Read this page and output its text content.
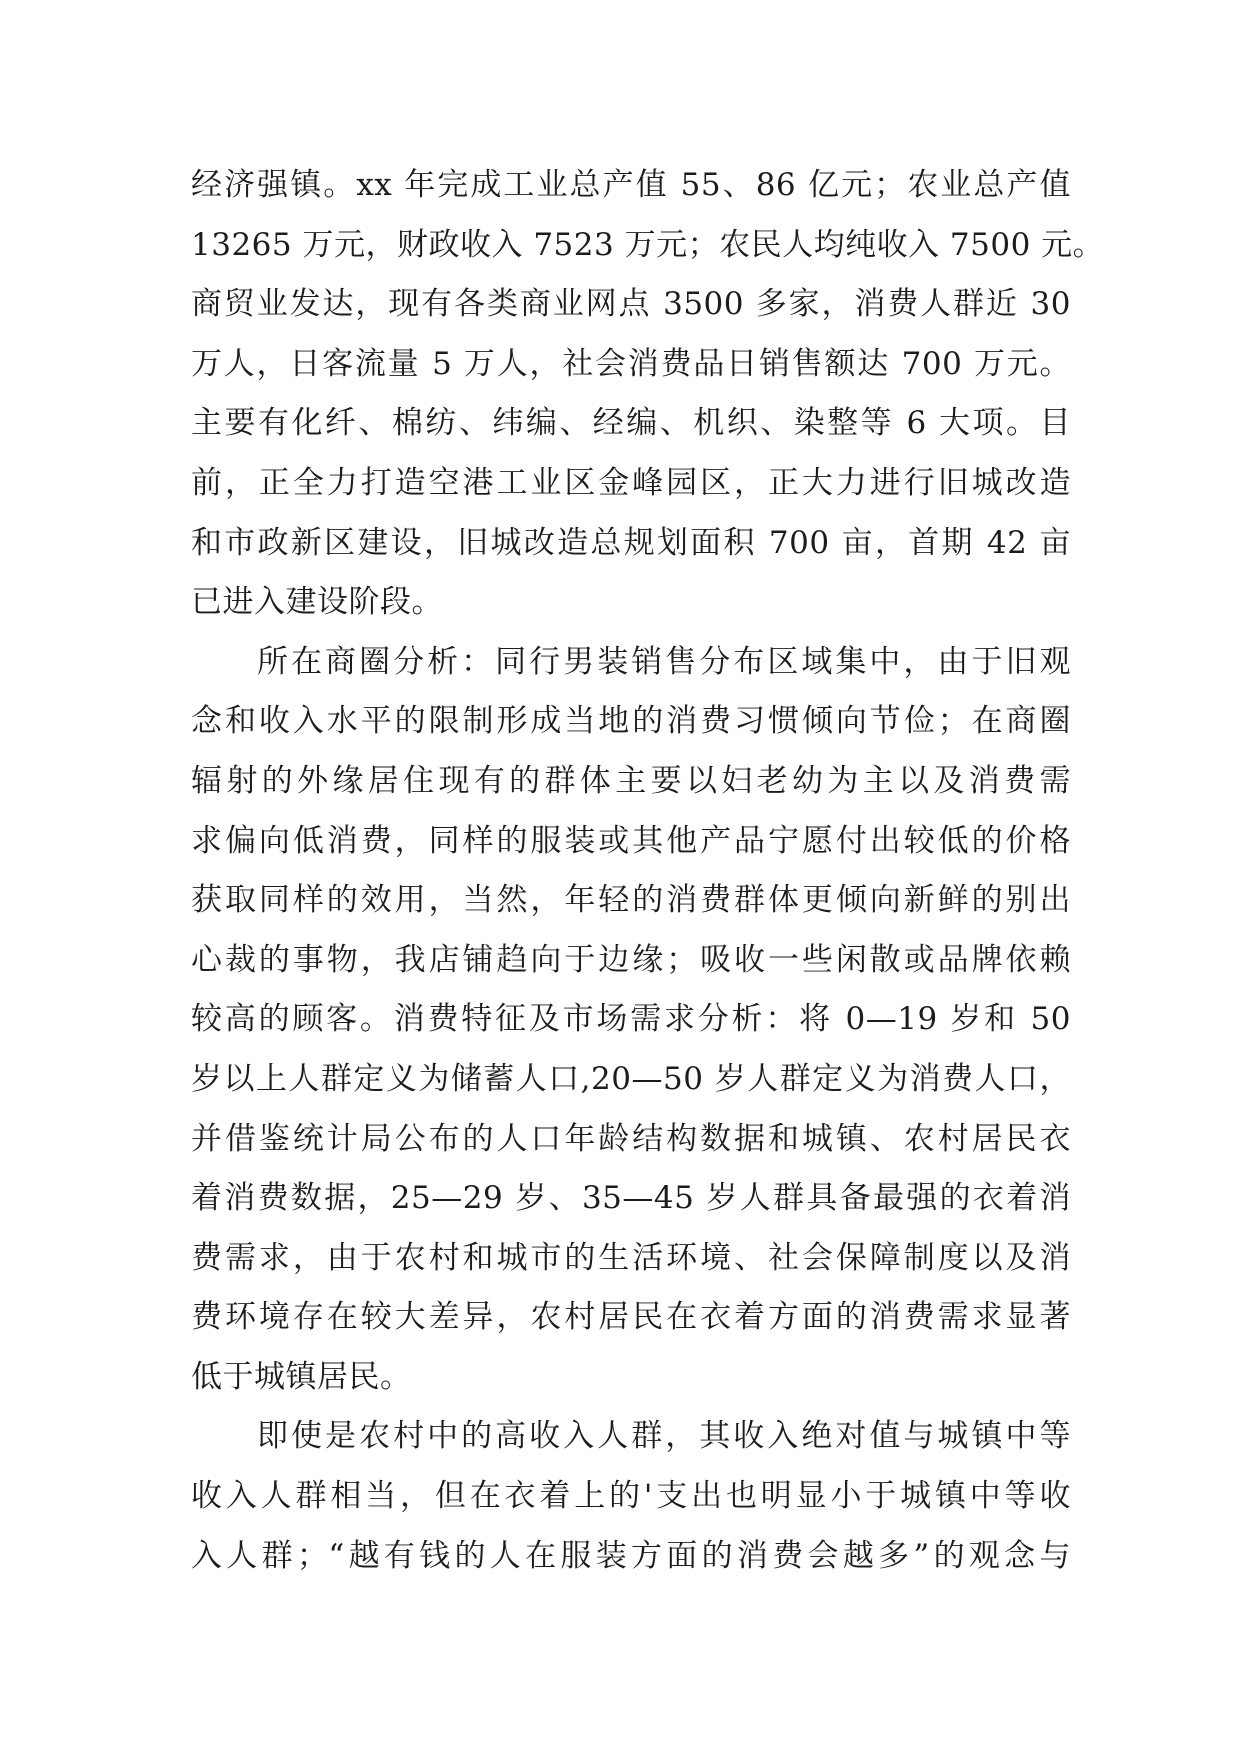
经济强镇。xx 年完成工业总产值 55、86 亿元；农业总产值
13265 万元，财政收入 7523 万元；农民人均纯收入 7500 元。
商贸业发达，现有各类商业网点 3500 多家，消费人群近 30
万人，日客流量 5 万人，社会消费品日销售额达 700 万元。
主要有化纤、棉纺、纬编、经编、机织、染整等 6 大项。目
前，正全力打造空港工业区金峰园区，正大力进行旧城改造
和市政新区建设，旧城改造总规划面积 700 亩，首期 42 亩
已进入建设阶段。
所在商圈分析：同行男装销售分布区域集中，由于旧观
念和收入水平的限制形成当地的消费习惯倾向节俭；在商圈
辐射的外缘居住现有的群体主要以妇老幼为主以及消费需
求偏向低消费，同样的服装或其他产品宁愿付出较低的价格
获取同样的效用，当然，年轻的消费群体更倾向新鲜的别出
心裁的事物，我店铺趋向于边缘；吸收一些闲散或品牌依赖
较高的顾客。消费特征及市场需求分析：将 0—19 岁和 50
岁以上人群定义为储蓄人口,20—50 岁人群定义为消费人口，
并借鉴统计局公布的人口年龄结构数据和城镇、农村居民衣
着消费数据，25—29 岁、35—45 岁人群具备最强的衣着消
费需求，由于农村和城市的生活环境、社会保障制度以及消
费环境存在较大差异，农村居民在衣着方面的消费需求显著
低于城镇居民。
即使是农村中的高收入人群，其收入绝对值与城镇中等
收入人群相当，但在衣着上的'支出也明显小于城镇中等收
入人群；“越有钱的人在服装方面的消费会越多”的观念与
